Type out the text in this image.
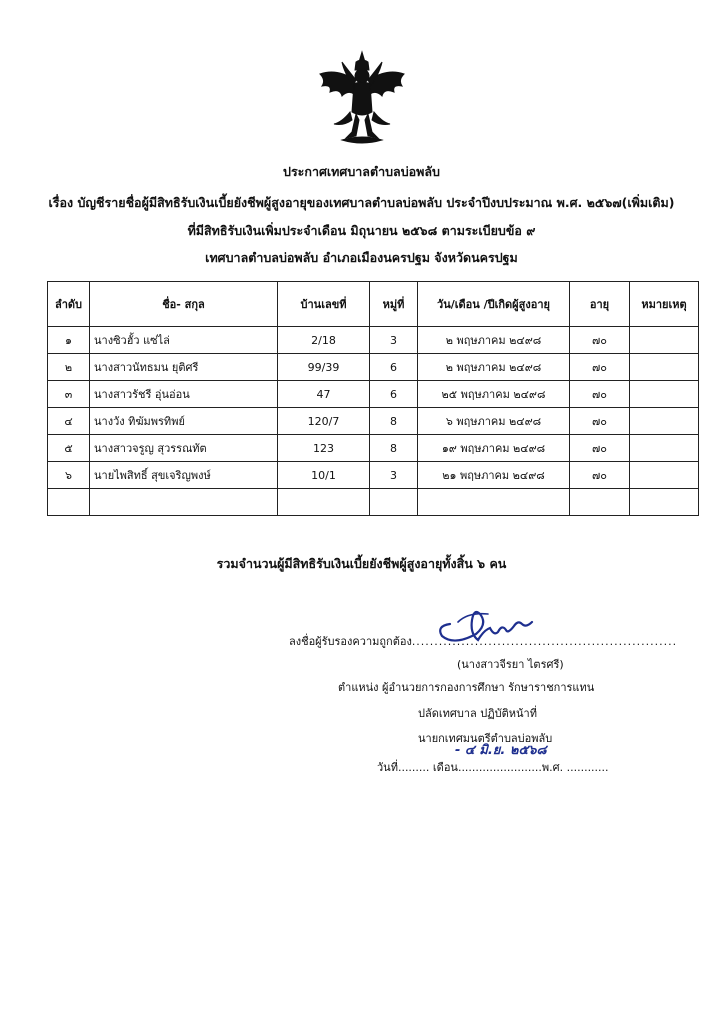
ประกาศเทศบาลตำบลบ่อพลับ
เรื่อง บัญชีรายชื่อผู้มีสิทธิรับเงินเบี้ยยังชีพผู้สูงอายุของเทศบาลตำบลบ่อพลับ ประจำปีงบประมาณ พ.ศ. ๒๕๖๗(เพิ่มเติม)
ที่มีสิทธิรับเงินเพิ่มประจำเดือน มิถุนายน ๒๕๖๘ ตามระเบียบข้อ ๙
เทศบาลตำบลบ่อพลับ อำเภอเมืองนครปฐม จังหวัดนครปฐม
ลำดับ	ชื่อ- สกุล	บ้านเลขที่	หมู่ที่	วัน/เดือน /ปีเกิดผู้สูงอายุ	อายุ	หมายเหตุ
๑	นางซิวฮั้ว แซ่ไล่	2/18	3	๒ พฤษภาคม ๒๔๙๘	๗๐	
๒	นางสาวนัทธมน ยุติศรี	99/39	6	๒ พฤษภาคม ๒๔๙๘	๗๐	
๓	นางสาวรัชรี อุ่นอ่อน	47	6	๒๕ พฤษภาคม ๒๔๙๘	๗๐	
๔	นางวัง ทิฆัมพรทิพย์	120/7	8	๖ พฤษภาคม ๒๔๙๘	๗๐	
๕	นางสาวจรูญ สุวรรณทัต	123	8	๑๙ พฤษภาคม ๒๔๙๘	๗๐	
๖	นายไพสิทธิ์ สุขเจริญพงษ์	10/1	3	๒๑ พฤษภาคม ๒๔๙๘	๗๐	

รวมจำนวนผู้มีสิทธิรับเงินเบี้ยยังชีพผู้สูงอายุทั้งสิ้น ๖ คน
ลงชื่อผู้รับรองความถูกต้อง...........................................................
(นางสาวจีรยา ไตรศรี)
ตำแหน่ง ผู้อำนวยการกองการศึกษา รักษาราชการแทน
ปลัดเทศบาล ปฏิบัติหน้าที่
นายกเทศมนตรีตำบลบ่อพลับ
- ๔ มิ.ย. ๒๕๖๘
วันที่......... เดือน........................พ.ศ. ............
